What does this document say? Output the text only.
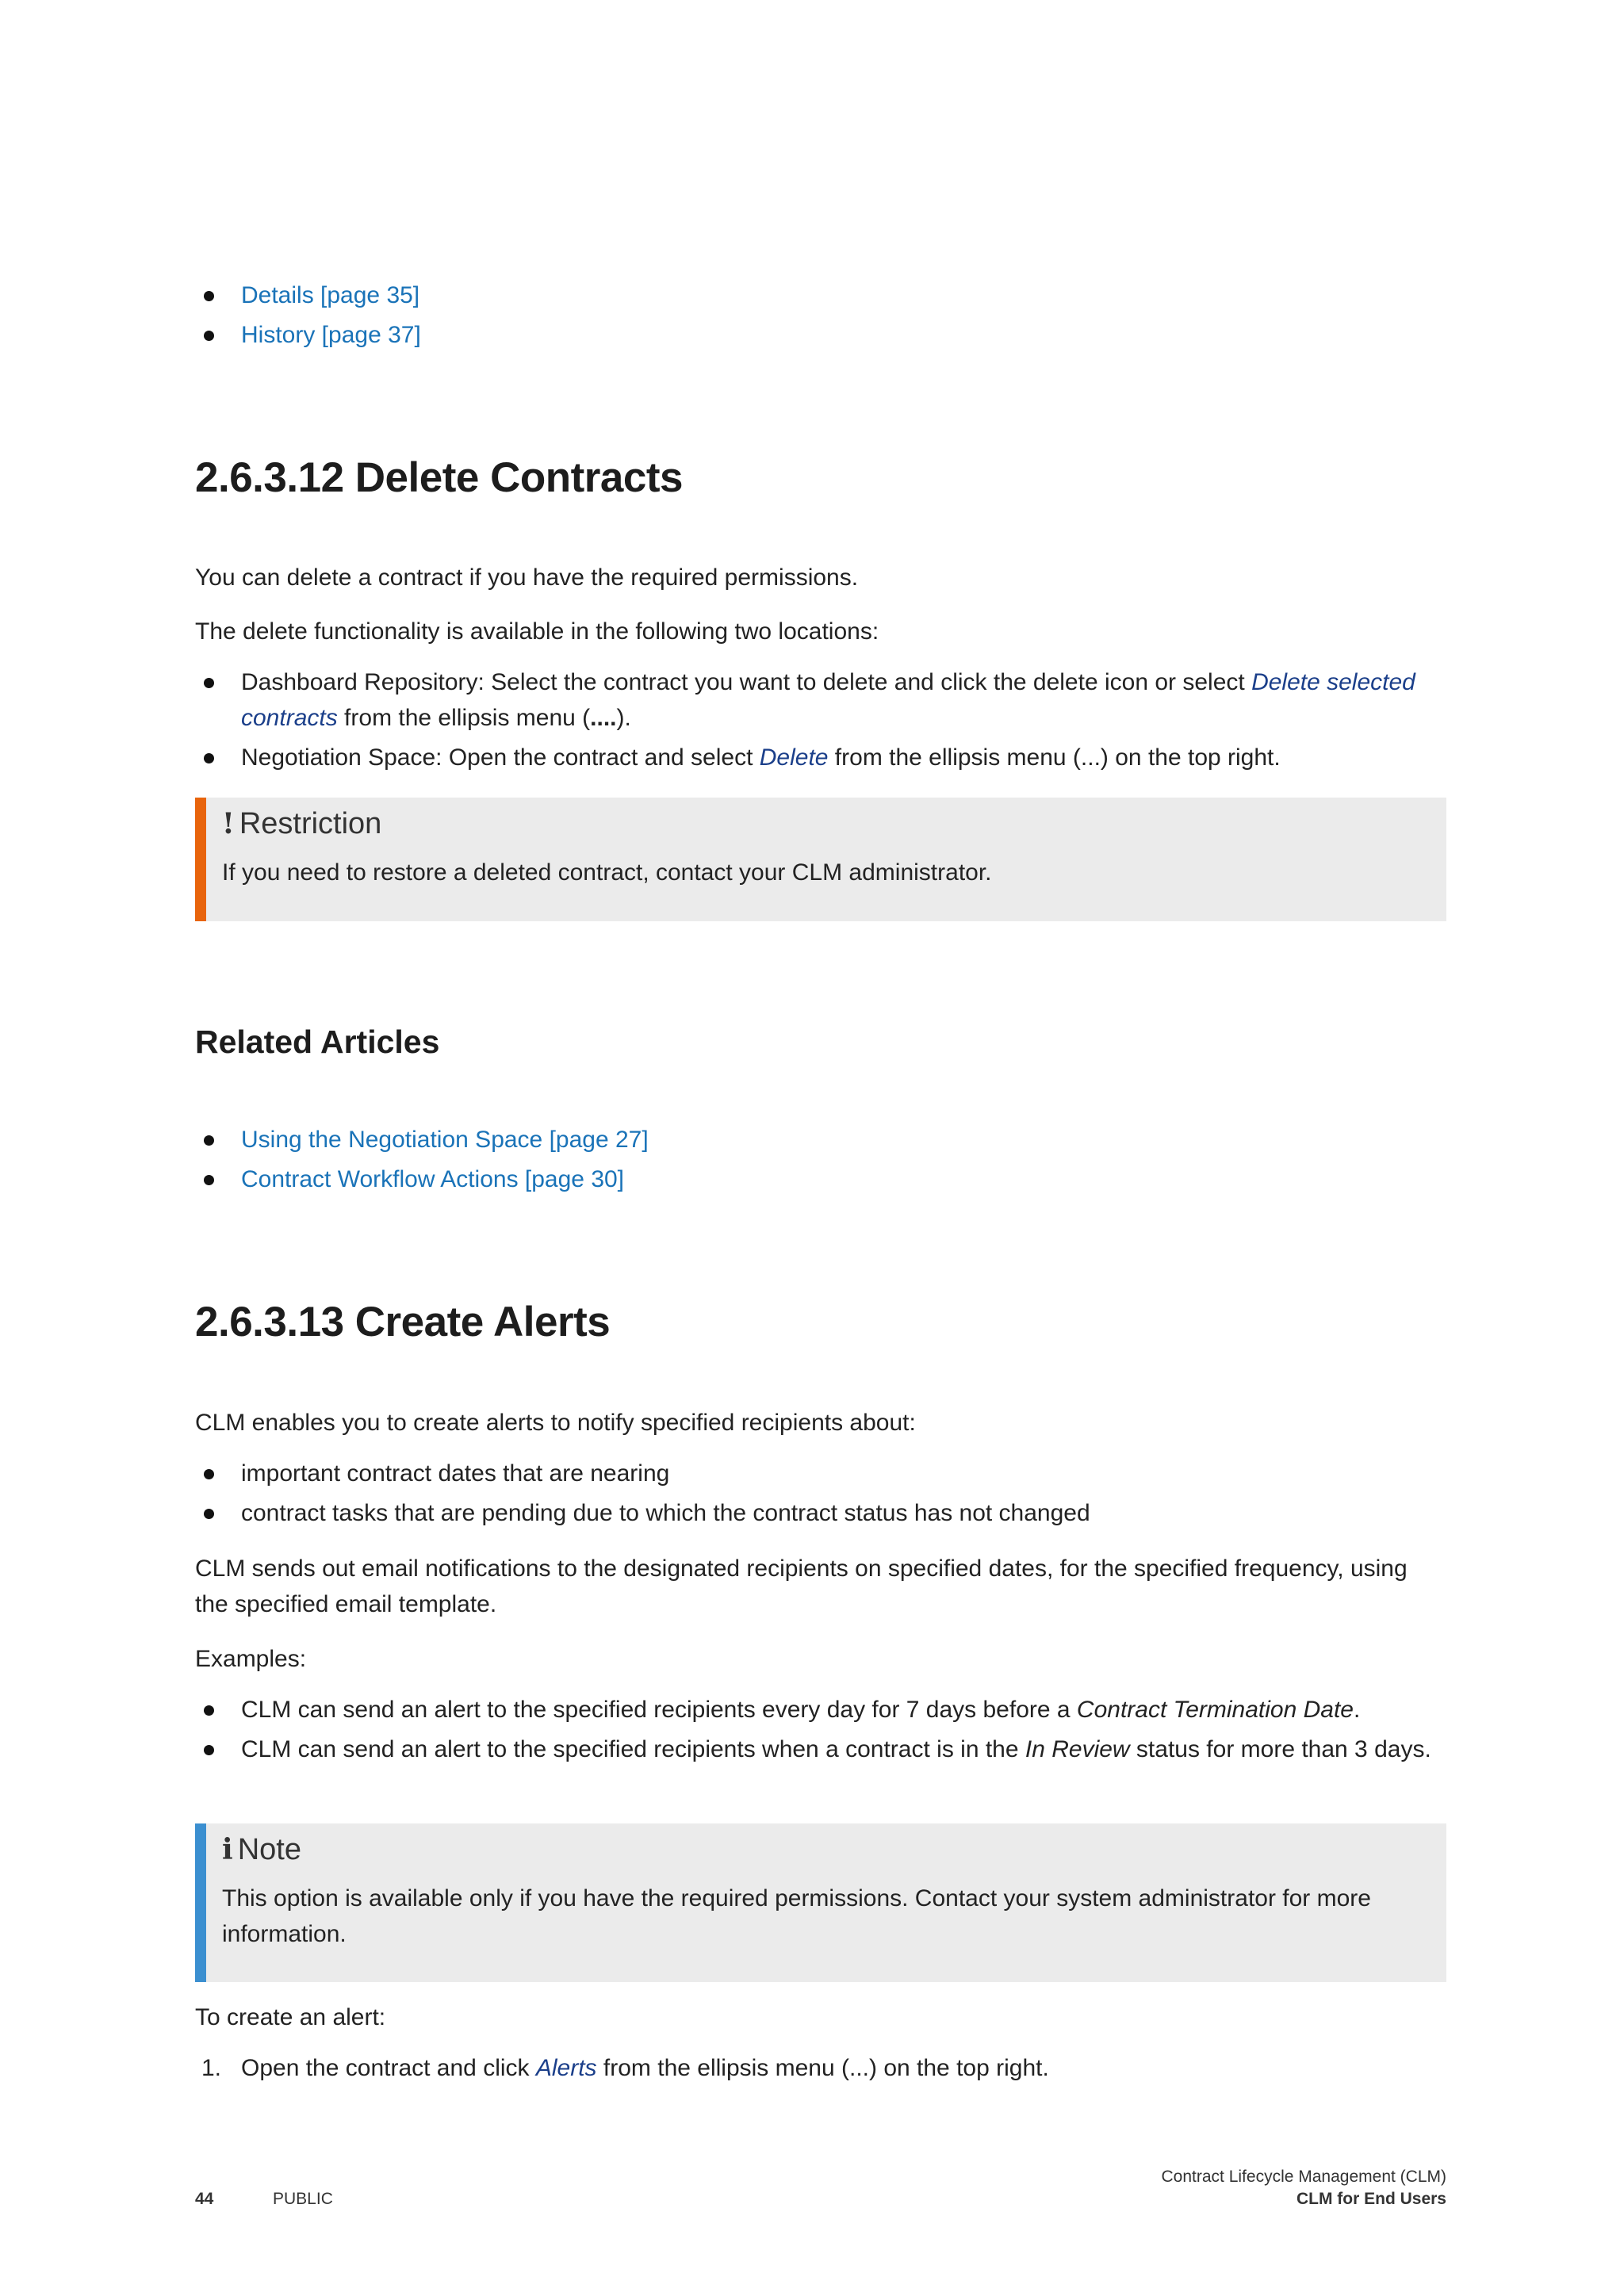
Details [page 35]
History [page 37]
2.6.3.12 Delete Contracts

You can delete a contract if you have the required permissions.

The delete functionality is available in the following two locations:

Dashboard Repository: Select the contract you want to delete and click the delete icon or select Delete selected contracts from the ellipsis menu (....).
Negotiation Space: Open the contract and select Delete from the ellipsis menu (...) on the top right.
! Restriction
If you need to restore a deleted contract, contact your CLM administrator.
Related Articles
Using the Negotiation Space [page 27]
Contract Workflow Actions [page 30]
2.6.3.13 Create Alerts

CLM enables you to create alerts to notify specified recipients about:

important contract dates that are nearing
contract tasks that are pending due to which the contract status has not changed

CLM sends out email notifications to the designated recipients on specified dates, for the specified frequency, using the specified email template.

Examples:

CLM can send an alert to the specified recipients every day for 7 days before a Contract Termination Date.
CLM can send an alert to the specified recipients when a contract is in the In Review status for more than 3 days.
i Note
This option is available only if you have the required permissions. Contact your system administrator for more information.

To create an alert:

1. Open the contract and click Alerts from the ellipsis menu (...) on the top right.
44	PUBLIC
Contract Lifecycle Management (CLM)
CLM for End Users
